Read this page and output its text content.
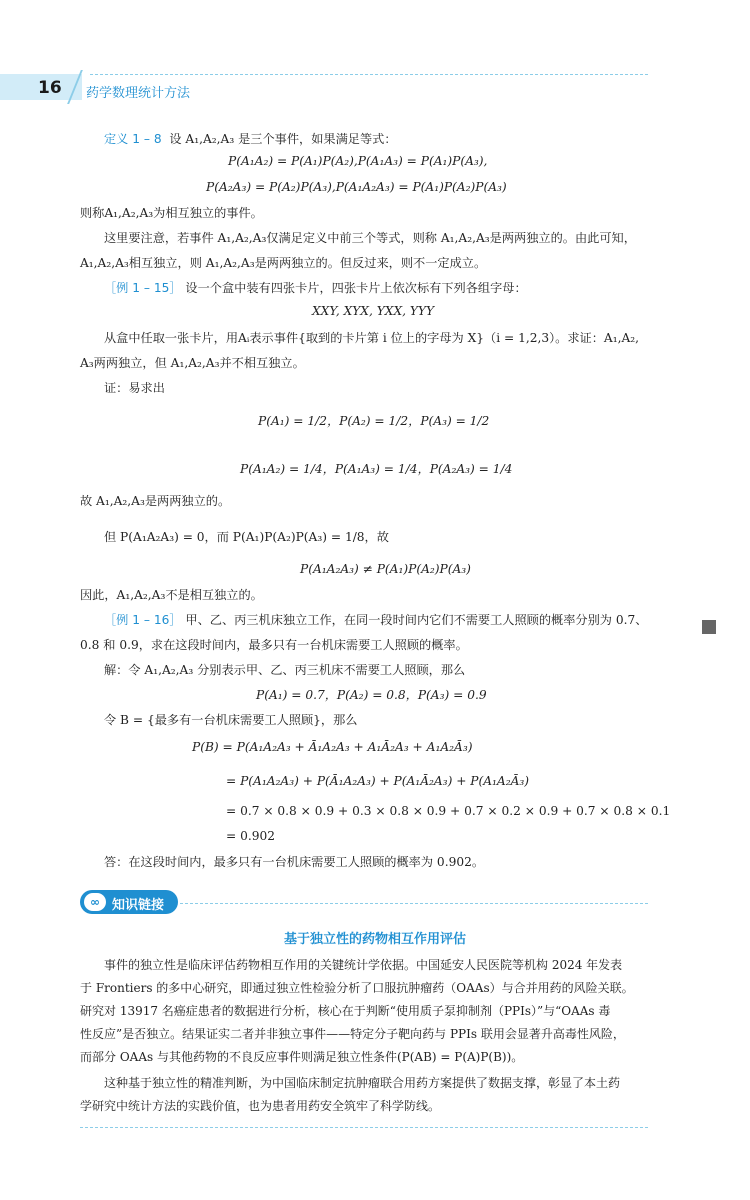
16 药学数理统计方法
定义 1 – 8 设 A₁,A₂,A₃ 是三个事件，如果满足等式：
P(A₁A₂) = P(A₁)P(A₂),P(A₁A₃) = P(A₁)P(A₃),
P(A₂A₃) = P(A₂)P(A₃),P(A₁A₂A₃) = P(A₁)P(A₂)P(A₃)
则称A₁,A₂,A₃为相互独立的事件。
这里要注意，若事件 A₁,A₂,A₃仅满足定义中前三个等式，则称 A₁,A₂,A₃是两两独立的。由此可知，
A₁,A₂,A₃相互独立，则 A₁,A₂,A₃是两两独立的。但反过来，则不一定成立。
［例 1 – 15］ 设一个盒中装有四张卡片，四张卡片上依次标有下列各组字母：
XXY, XYX, YXX, YYY
从盒中任取一张卡片，用Aᵢ表示事件{取到的卡片第 i 位上的字母为 X}（i = 1,2,3）。求证：A₁,A₂,
A₃两两独立，但 A₁,A₂,A₃并不相互独立。
证：易求出
P(A₁) = 1/2，P(A₂) = 1/2，P(A₃) = 1/2
P(A₁A₂) = 1/4，P(A₁A₃) = 1/4，P(A₂A₃) = 1/4
故 A₁,A₂,A₃是两两独立的。
但 P(A₁A₂A₃) = 0，而 P(A₁)P(A₂)P(A₃) = 1/8，故
P(A₁A₂A₃) ≠ P(A₁)P(A₂)P(A₃)
因此，A₁,A₂,A₃不是相互独立的。
［例 1 – 16］ 甲、乙、丙三机床独立工作，在同一段时间内它们不需要工人照顾的概率分别为 0.7、
0.8 和 0.9，求在这段时间内，最多只有一台机床需要工人照顾的概率。
解：令 A₁,A₂,A₃ 分别表示甲、乙、丙三机床不需要工人照顾，那么
P(A₁) = 0.7，P(A₂) = 0.8，P(A₃) = 0.9
令 B = {最多有一台机床需要工人照顾}，那么
P(B) = P(A₁A₂A₃ + Ā₁A₂A₃ + A₁Ā₂A₃ + A₁A₂Ā₃)
= P(A₁A₂A₃) + P(Ā₁A₂A₃) + P(A₁Ā₂A₃) + P(A₁A₂Ā₃)
= 0.7 × 0.8 × 0.9 + 0.3 × 0.8 × 0.9 + 0.7 × 0.2 × 0.9 + 0.7 × 0.8 × 0.1
= 0.902
答：在这段时间内，最多只有一台机床需要工人照顾的概率为 0.902。
∞ 知识链接
基于独立性的药物相互作用评估
事件的独立性是临床评估药物相互作用的关键统计学依据。中国延安人民医院等机构 2024 年发表
于 Frontiers 的多中心研究，即通过独立性检验分析了口服抗肿瘤药（OAAs）与合并用药的风险关联。
研究对 13917 名癌症患者的数据进行分析，核心在于判断“使用质子泵抑制剂（PPIs）”与“OAAs 毒
性反应”是否独立。结果证实二者并非独立事件——特定分子靶向药与 PPIs 联用会显著升高毒性风险，
而部分 OAAs 与其他药物的不良反应事件则满足独立性条件(P(AB) = P(A)P(B))。
这种基于独立性的精准判断，为中国临床制定抗肿瘤联合用药方案提供了数据支撑，彰显了本土药
学研究中统计方法的实践价值，也为患者用药安全筑牢了科学防线。
